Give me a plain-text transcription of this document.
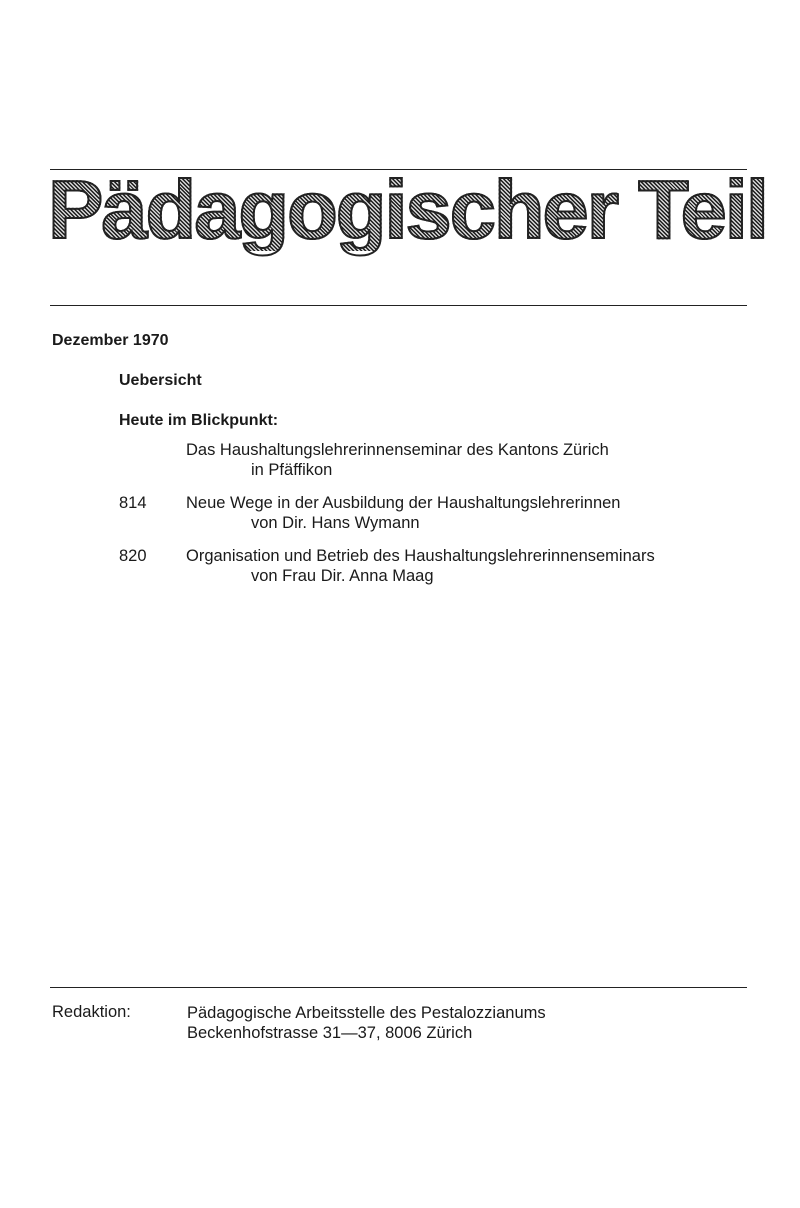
Pädagogischer Teil
Dezember 1970
Uebersicht
Heute im Blickpunkt:
Das Haushaltungslehrerinnenseminar des Kantons Zürich
in Pfäffikon
814 Neue Wege in der Ausbildung der Haushaltungslehrerinnen
von Dir. Hans Wymann
820 Organisation und Betrieb des Haushaltungslehrerinnenseminars
von Frau Dir. Anna Maag
Redaktion:	Pädagogische Arbeitsstelle des Pestalozzianums
Beckenhofstrasse 31—37, 8006 Zürich
